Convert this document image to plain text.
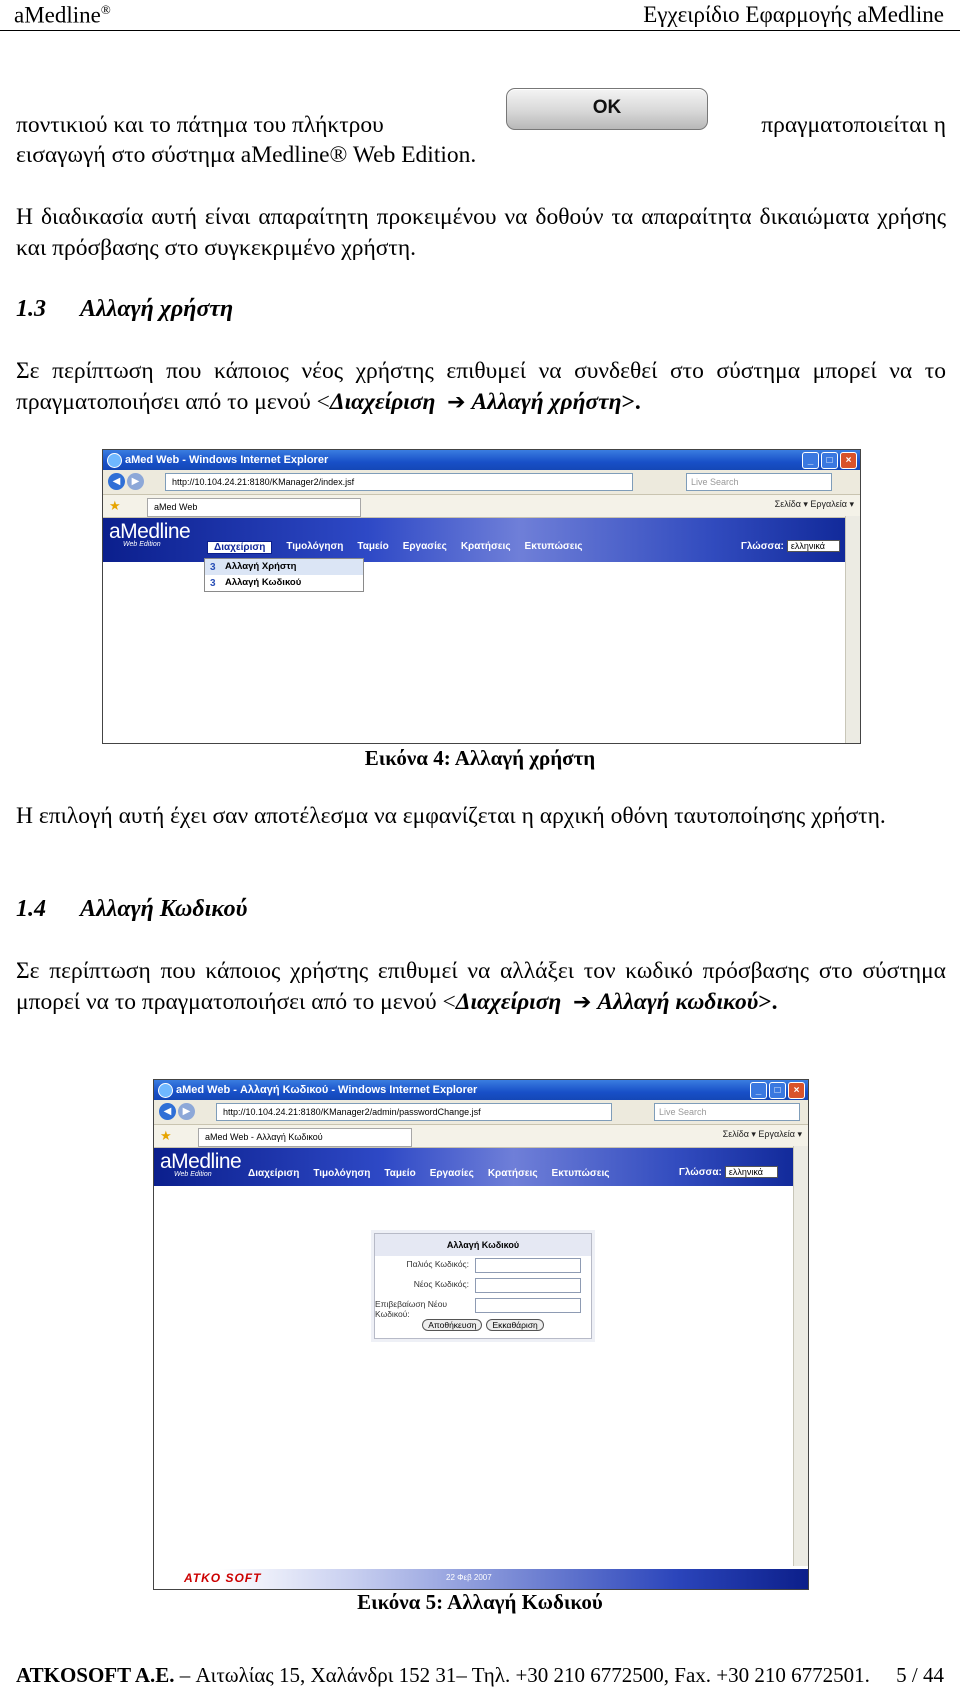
aMedline®	Εγχειρίδιο Εφαρμογής aMedline
ποντικιού και το πάτημα του πλήκτρου
OK
πραγματοποιείται η
εισαγωγή στο σύστημα aMedline® Web Edition.
Η διαδικασία αυτή είναι απαραίτητη προκειμένου να δοθούν τα απαραίτητα δικαιώματα χρήσης και πρόσβασης στο συγκεκριμένο χρήστη.
1.3 Αλλαγή χρήστη
Σε περίπτωση που κάποιος νέος χρήστης επιθυμεί να συνδεθεί στο σύστημα μπορεί να το πραγματοποιήσει από το μενού <Διαχείριση ➔ Αλλαγή χρήστη>.
aMed Web - Windows Internet Explorer	_	□	×
◀	▶	http://10.104.24.21:8180/KManager2/index.jsf	Live Search
★	aMed Web	Σελίδα ▾ Εργαλεία ▾
aMedline
Web Edition	Διαχείριση	Τιμολόγηση Ταμείο Εργασίες Κρατήσεις Εκτυπώσεις	Γλώσσα: ελληνικά
3 Αλλαγή Χρήστη
3 Αλλαγή Κωδικού
Εικόνα 4: Αλλαγή χρήστη
Η επιλογή αυτή έχει σαν αποτέλεσμα να εμφανίζεται η αρχική οθόνη ταυτοποίησης χρήστη.
1.4 Αλλαγή Κωδικού
Σε περίπτωση που κάποιος χρήστης επιθυμεί να αλλάξει τον κωδικό πρόσβασης στο σύστημα μπορεί να το πραγματοποιήσει από το μενού <Διαχείριση ➔ Αλλαγή κωδικού>.
aMed Web - Αλλαγή Κωδικού - Windows Internet Explorer	_	□	×
◀	▶	http://10.104.24.21:8180/KManager2/admin/passwordChange.jsf	Live Search
★	aMed Web - Αλλαγή Κωδικού	Σελίδα ▾ Εργαλεία ▾
aMedline
Web Edition	Διαχείριση Τιμολόγηση Ταμείο Εργασίες Κρατήσεις Εκτυπώσεις	Γλώσσα: ελληνικά
Αλλαγή Κωδικού
Παλιός Κωδικός:
Νέος Κωδικός:
Επιβεβαίωση Νέου Κωδικού:
Αποθήκευση Εκκαθάριση
ATKO SOFT	22 Φεβ 2007
Εικόνα 5: Αλλαγή Κωδικού
ATKOSOFT A.E. – Αιτωλίας 15, Χαλάνδρι 152 31– Τηλ. +30 210 6772500, Fax. +30 210 6772501. 5 / 44
